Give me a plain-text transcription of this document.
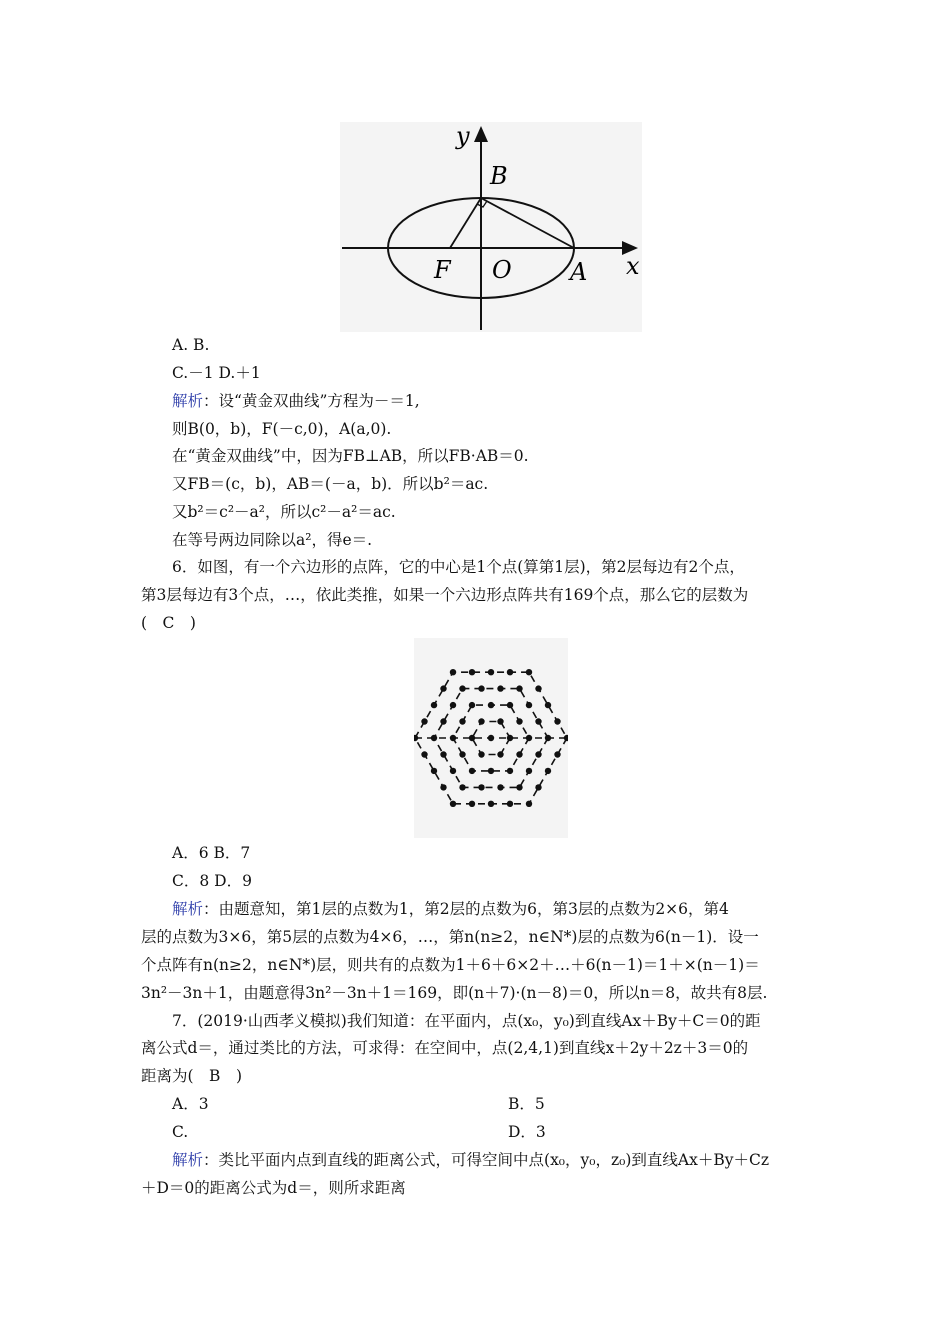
y
B
F O A x
A. B.
C.－1 D.＋1
解析：设“黄金双曲线”方程为－＝1,
则B(0，b)，F(－c,0)，A(a,0).
在“黄金双曲线”中，因为FB⊥AB，所以FB·AB＝0.
又FB＝(c，b)，AB＝(－a，b)．所以b²＝ac.
又b²＝c²－a²，所以c²－a²＝ac.
在等号两边同除以a²，得e＝.
6．如图，有一个六边形的点阵，它的中心是1个点(算第1层)，第2层每边有2个点，
第3层每边有3个点，…，依此类推，如果一个六边形点阵共有169个点，那么它的层数为
(　C　)
A．6 B．7
C．8 D．9
解析：由题意知，第1层的点数为1，第2层的点数为6，第3层的点数为2×6，第4
层的点数为3×6，第5层的点数为4×6，…，第n(n≥2，n∈N*)层的点数为6(n－1)．设一
个点阵有n(n≥2，n∈N*)层，则共有的点数为1＋6＋6×2＋…＋6(n－1)＝1＋×(n－1)＝
3n²－3n＋1，由题意得3n²－3n＋1＝169，即(n＋7)·(n－8)＝0，所以n＝8，故共有8层.
7．(2019·山西孝义模拟)我们知道：在平面内，点(x₀，y₀)到直线Ax＋By＋C＝0的距
离公式d＝，通过类比的方法，可求得：在空间中，点(2,4,1)到直线x＋2y＋2z＋3＝0的
距离为(　B　)
A．3	B．5
C.	D．3
解析：类比平面内点到直线的距离公式，可得空间中点(x₀，y₀，z₀)到直线Ax＋By＋Cz
＋D＝0的距离公式为d＝，则所求距离
